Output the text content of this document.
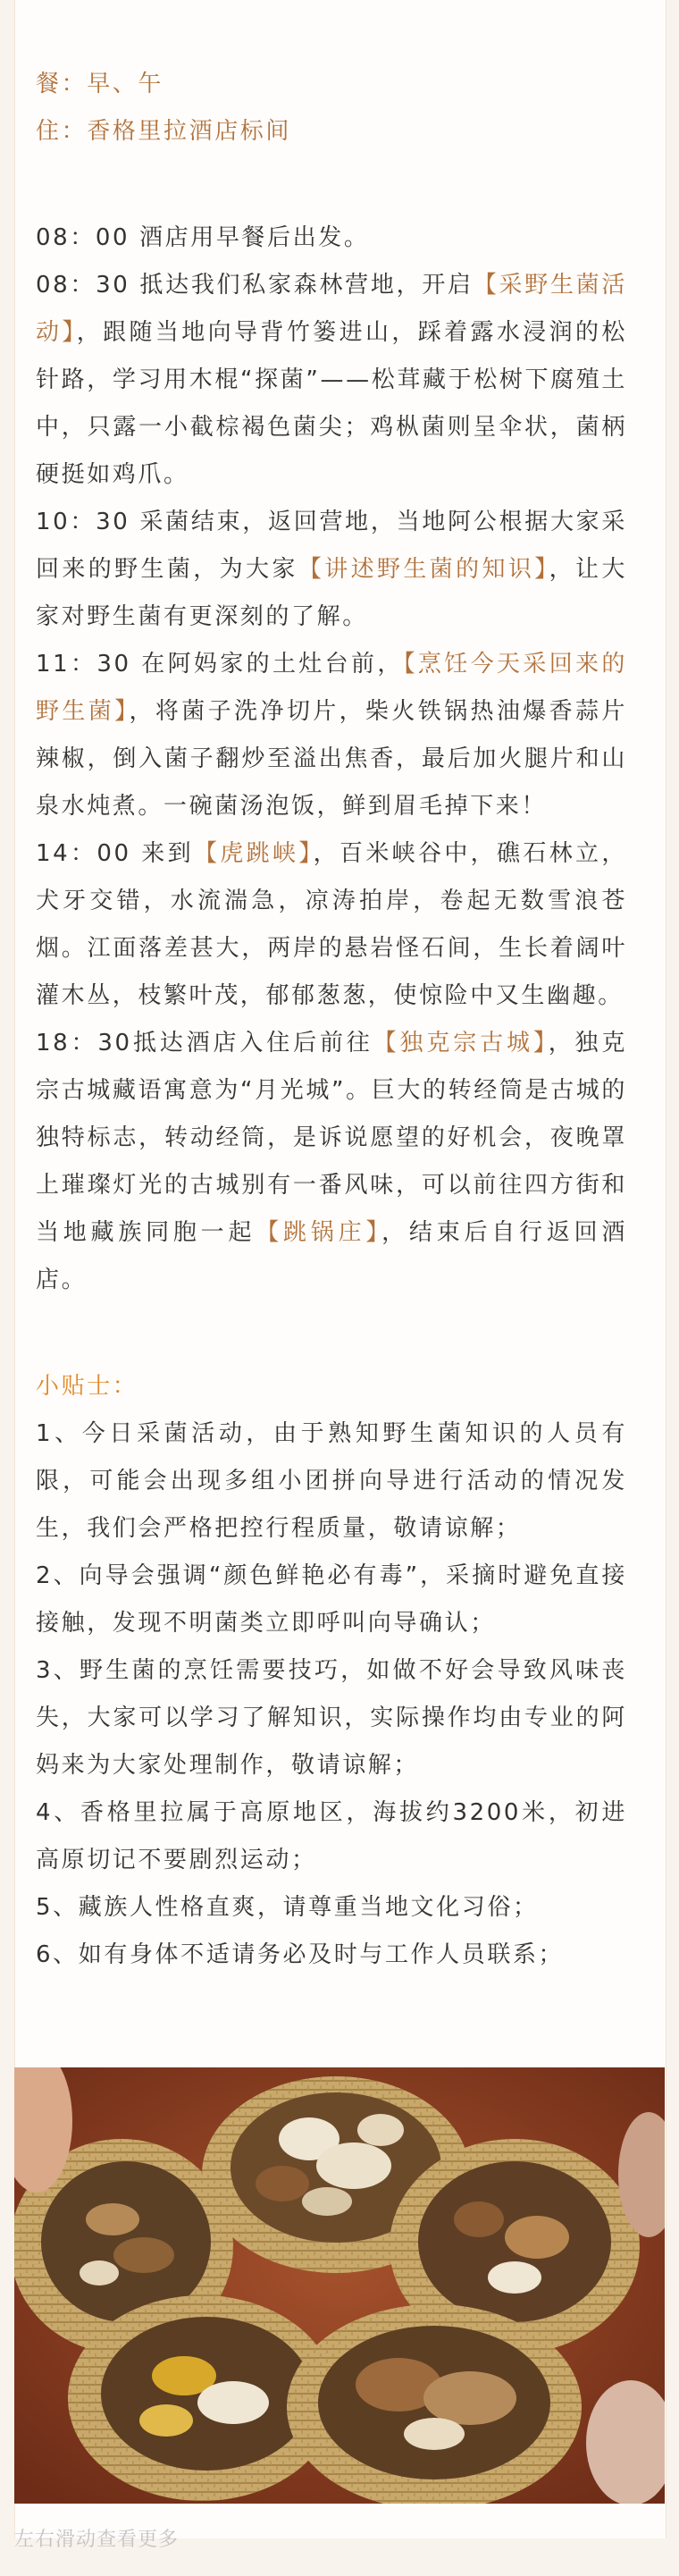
餐：早、午

住：香格里拉酒店标间

08：00 酒店用早餐后出发。

08：30 抵达我们私家森林营地，开启【采野生菌活动】，跟随当地向导背竹篓进山，踩着露水浸润的松针路，学习用木棍“探菌”——松茸藏于松树下腐殖土中，只露一小截棕褐色菌尖；鸡枞菌则呈伞状，菌柄硬挺如鸡爪。

10：30 采菌结束，返回营地，当地阿公根据大家采回来的野生菌，为大家【讲述野生菌的知识】，让大家对野生菌有更深刻的了解。

11：30 在阿妈家的土灶台前，【烹饪今天采回来的野生菌】，将菌子洗净切片，柴火铁锅热油爆香蒜片辣椒，倒入菌子翻炒至溢出焦香，最后加火腿片和山泉水炖煮。一碗菌汤泡饭，鲜到眉毛掉下来！

14：00 来到【虎跳峡】，百米峡谷中，礁石林立，犬牙交错，水流湍急，凉涛拍岸，卷起无数雪浪苍烟。江面落差甚大，两岸的悬岩怪石间，生长着阔叶灌木丛，枝繁叶茂，郁郁葱葱，使惊险中又生幽趣。

18：30抵达酒店入住后前往【独克宗古城】，独克宗古城藏语寓意为“月光城”。巨大的转经筒是古城的独特标志，转动经筒，是诉说愿望的好机会，夜晚罩上璀璨灯光的古城别有一番风味，可以前往四方街和当地藏族同胞一起【跳锅庄】，结束后自行返回酒店。

小贴士：

1、今日采菌活动，由于熟知野生菌知识的人员有限，可能会出现多组小团拼向导进行活动的情况发生，我们会严格把控行程质量，敬请谅解；

2、向导会强调“颜色鲜艳必有毒”，采摘时避免直接接触，发现不明菌类立即呼叫向导确认；

3、野生菌的烹饪需要技巧，如做不好会导致风味丧失，大家可以学习了解知识，实际操作均由专业的阿妈来为大家处理制作，敬请谅解；

4、香格里拉属于高原地区，海拔约3200米，初进高原切记不要剧烈运动；

5、藏族人性格直爽，请尊重当地文化习俗；

6、如有身体不适请务必及时与工作人员联系；

左右滑动查看更多
